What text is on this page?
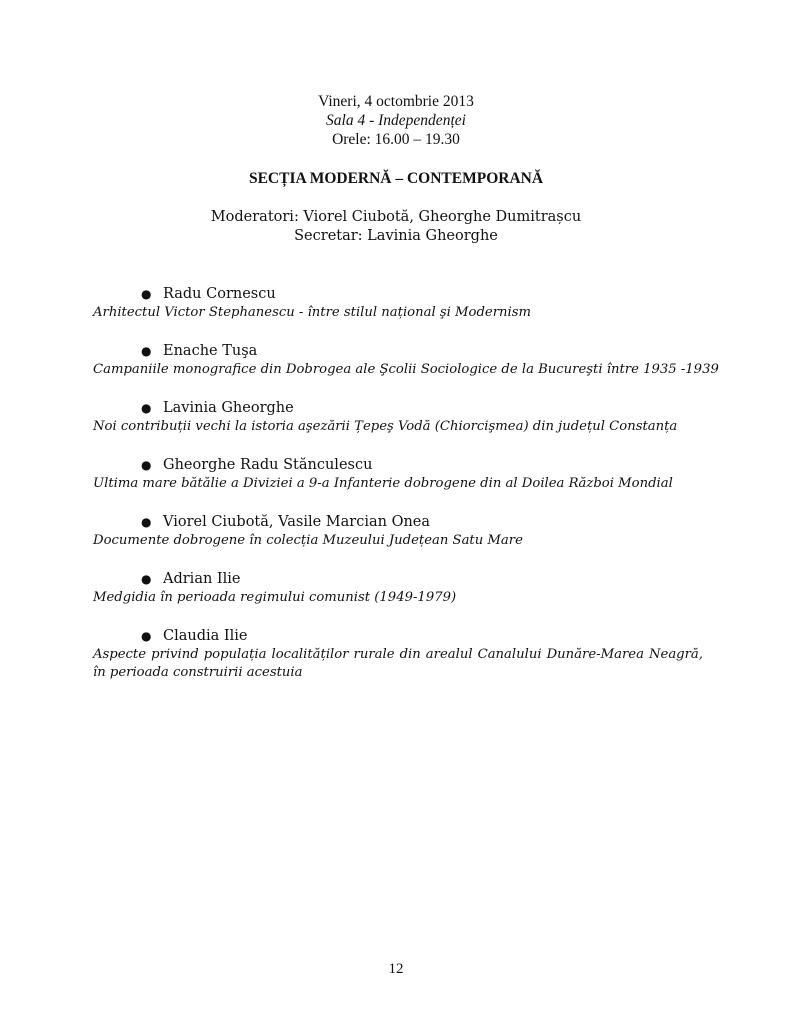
Vineri, 4 octombrie 2013
Sala 4 - Independenței
Orele: 16.00 – 19.30
SECȚIA MODERNĂ – CONTEMPORANĂ
Moderatori: Viorel Ciubotă, Gheorghe Dumitrașcu
Secretar: Lavinia Gheorghe
● Radu Cornescu
Arhitectul Victor Stephanescu - între stilul național şi Modernism
● Enache Tuşa
Campaniile monografice din Dobrogea ale Şcolii Sociologice de la Bucureşti între 1935 -1939
● Lavinia Gheorghe
Noi contribuții vechi la istoria aşezării Țepeş Vodă (Chiorcişmea) din județul Constanța
● Gheorghe Radu Stănculescu
Ultima mare bătălie a Diviziei a 9-a Infanterie dobrogene din al Doilea Război Mondial
● Viorel Ciubotă, Vasile Marcian Onea
Documente dobrogene în colecția Muzeului Județean Satu Mare
● Adrian Ilie
Medgidia în perioada regimului comunist (1949-1979)
● Claudia Ilie
Aspecte privind populația localităților rurale din arealul Canalului Dunăre-Marea Neagră, în perioada construirii acestuia
12
